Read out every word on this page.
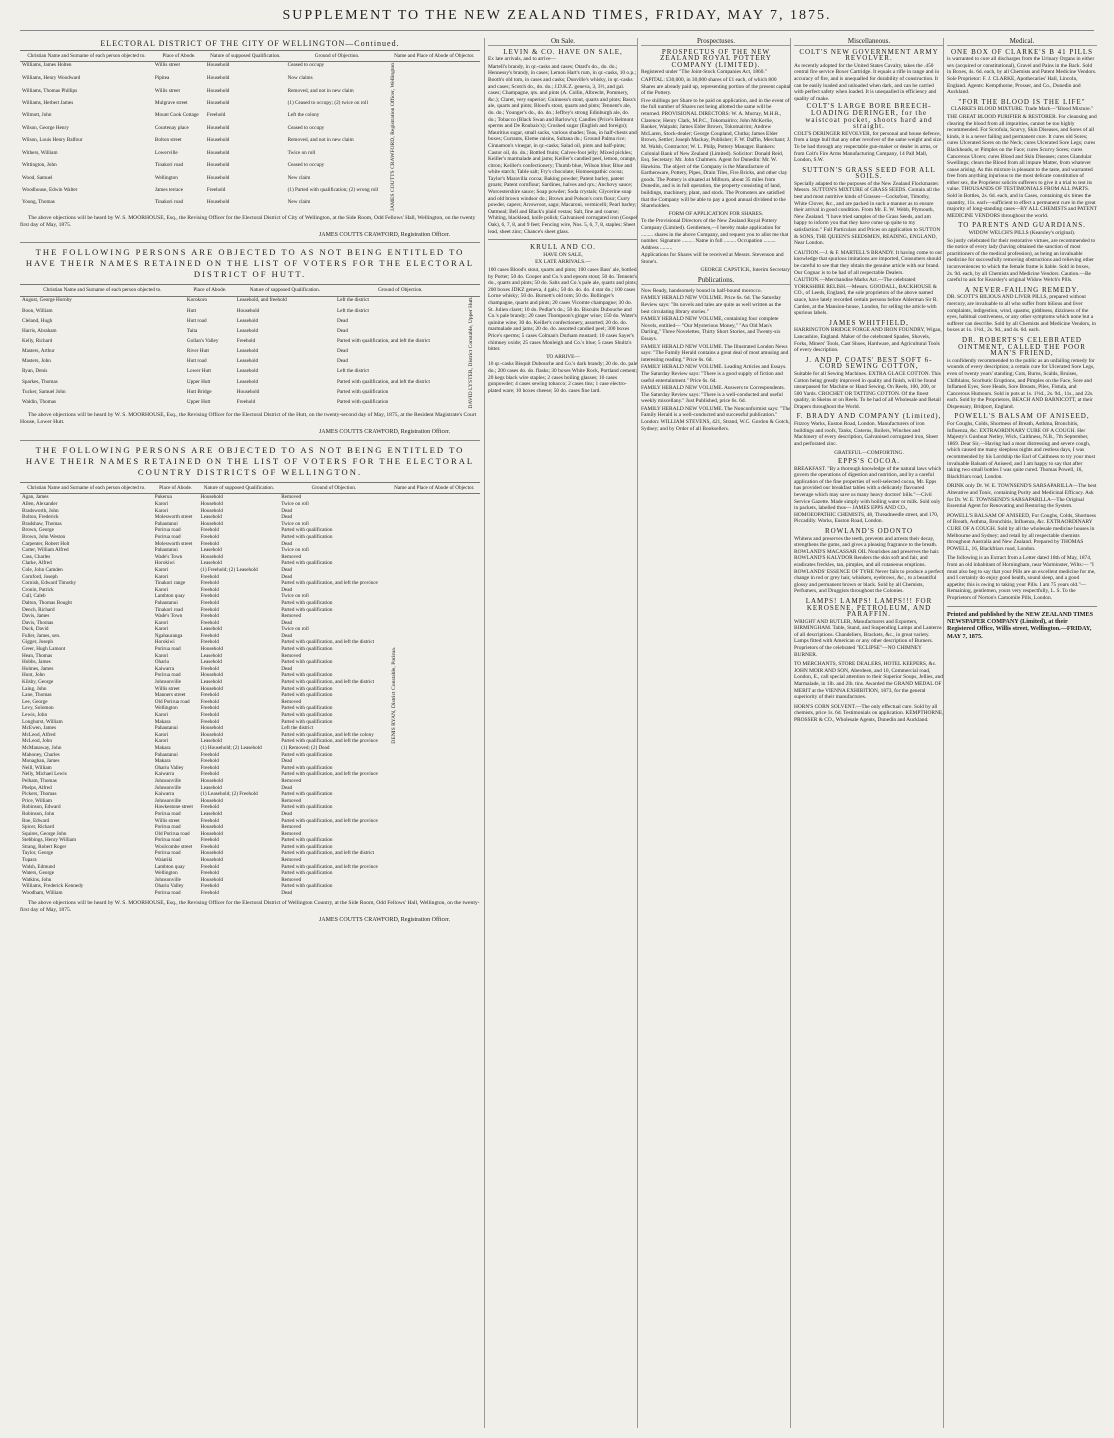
SUPPLEMENT TO THE NEW ZEALAND TIMES, FRIDAY, MAY 7, 1875.
ELECTORAL DISTRICT OF THE CITY OF WELLINGTON—Continued.
Christian Name and Surname of each person objected to.	Place of Abode.	Nature of supposed Qualification.	Ground of Objection.	Name and Place of Abode of Objector.
Williams, James Holten	Willis street	Household	Ceased to occupy	JAMES COUTTS CRAWFORD, Registration Officer, Wellington.
Williams, Henry Woodward	Pipitea	Household	Now claims	
Williams, Thomas Phillips	Willis street	Household	Removed, and not in new claim	
Williams, Herbert James	Mulgrave street	Household	(1) Ceased to occupy; (2) twice on roll	
Wilmott, John	Mount Cook Cottage	Freehold	Left the colony	
Wilson, George Henry	Courtenay place	Household	Ceased to occupy	
Wilson, Louis Henry Balfour	Bolton street	Household	Removed, and not in new claim	
Withers, William	Lowerville	Household	Twice on roll	
Wittington, John	Tinakori road	Household	Ceased to occupy	
Wood, Samuel	Wellington	Household	New claim	
Woodhouse, Edwin Walter	James terrace	Freehold	(1) Parted with qualification; (2) wrong roll	
Young, Thomas	Tinakori road	Household	New claim	
The above objections will be heard by W. S. MOORHOUSE, Esq., the Revising Officer for the Electoral District of City of Wellington, at the Side Room, Odd Fellows' Hall, Wellington, on the twenty first day of May, 1875.
JAMES COUTTS CRAWFORD, Registration Officer.
THE FOLLOWING PERSONS ARE OBJECTED TO AS NOT BEING ENTITLED TO HAVE THEIR NAMES RETAINED ON THE LIST OF VOTERS FOR THE ELECTORAL DISTRICT OF HUTT.
Christian Name and Surname of each person objected to.	Place of Abode.	Nature of supposed Qualification.	Ground of Objection.	
August, George Hornby	Korokoro	Leasehold, and freehold	Left the district	DAVID LYSTER, District Constable, Upper Hutt.
Boon, William	Hutt	Household	Left the district	
Cleland, Hugh	Hutt road	Leasehold	Dead	
Harris, Abraham	Taita	Leasehold	Dead	
Kelly, Richard	Gollan's Valley	Freehold	Parted with qualification, and left the district	
Masters, Arthur	River Hutt	Leasehold	Dead	
Masters, John	Hutt road	Leasehold	Dead	
Ryan, Denis	Lower Hutt	Leasehold	Left the district	
Sparkes, Thomas	Upper Hutt	Leasehold	Parted with qualification, and left the district	
Tucker, Samuel John	Hutt Bridge	Household	Parted with qualification	
Waldin, Thomas	Upper Hutt	Freehold	Parted with qualification	
The above objections will be heard by W. S. MOORHOUSE, Esq., the Revising Officer for the Electoral District of the Hutt, on the twenty-second day of May, 1875, at the Resident Magistrate's Court House, Lower Hutt.
JAMES COUTTS CRAWFORD, Registration Officer.
THE FOLLOWING PERSONS ARE OBJECTED TO AS NOT BEING ENTITLED TO HAVE THEIR NAMES RETAINED ON THE LIST OF VOTERS FOR THE ELECTORAL COUNTRY DISTRICTS OF WELLINGTON.
Christian Name and Surname of each person objected to.	Place of Abode.	Nature of supposed Qualification.	Ground of Objection.	Name and Place of Abode of Objector.
Agan, James	Pukerua	Household	Removed	DENIS RYAN, District Constable, Porirua.
Allen, Alexander	Karori	Household	Twice on roll	
Bradsworth, John	Karori	Household	Dead	
Bolton, Frederick	Molesworth street	Leasehold	Dead	
Bradshaw, Thomas	Pahautanui	Household	Twice on roll	
Brown, George	Porirua road	Freehold	Parted with qualification	
Brown, John Weston	Porirua road	Freehold	Parted with qualification	
Carpenter, Robert Holt	Molesworth street	Freehold	Dead	
Carter, William Alfred	Pahautanui	Leasehold	Twice on roll	
Cass, Charles	Wade's Town	Household	Removed	
Clarke, Alfred	Horokiwi	Leasehold	Parted with qualification	
Cole, John Camden	Karori	(1) Freehold; (2) Leasehold	Dead	
Cornford, Joseph	Karori	Freehold	Dead	
Cornish, Edward Timothy	Tinakori range	Freehold	Parted with qualification, and left the province	
Cronin, Patrick	Karori	Freehold	Dead	
Cull, Caleb	Lambton quay	Freehold	Twice on roll	
Dalton, Thomas Bought	Pahautanui	Freehold	Parted with qualification	
Dench, Richard	Tinakori road	Freehold	Parted with qualification	
Davis, James	Wade's Town	Freehold	Removed	
Davis, Thomas	Karori	Freehold	Dead	
Duck, David	Karori	Leasehold	Twice on roll	
Fuller, James, sen.	Ngahauranga	Freehold	Dead	
Gigger, Joseph	Horokiwi	Freehold	Parted with qualification, and left the district	
Greer, Hugh Lamont	Porirua road	Household	Parted with qualification	
Hean, Thomas	Karori	Leasehold	Removed	
Hobbs, James	Ohariu	Leasehold	Parted with qualification	
Holmes, James	Kaiwarra	Freehold	Dead	
Hunt, John	Porirua road	Household	Parted with qualification	
Kilsby, George	Johnsonville	Leasehold	Parted with qualification, and left the district	
Laing, John	Willis street	Household	Parted with qualification	
Lane, Thomas	Manners street	Freehold	Parted with qualification	
Lee, George	Old Porirua road	Freehold	Removed	
Levy, Solomon	Wellington	Freehold	Parted with qualification	
Lewis, John	Karori	Freehold	Parted with qualification	
Longhurst, William	Makara	Freehold	Parted with qualification	
McEwen, James	Pahautanui	Household	Left the district	
McLeod, Alfred	Karori	Household	Parted with qualification, and left the colony	
McLeod, John	Karori	Leasehold	Parted with qualification, and left the province	
McManaway, John	Makara	(1) Household; (2) Leasehold	(1) Removed; (2) Dead	
Mahoney, Charles	Pahautanui	Freehold	Parted with qualification	
Monaghan, James	Makara	Freehold	Dead	
Neill, William	Ohariu Valley	Freehold	Parted with qualification	
Nelly, Michael Lewis	Kaiwarra	Freehold	Parted with qualification, and left the province	
Pelham, Thomas	Johnsonville	Household	Removed	
Phelps, Alfred	Johnsonville	Leasehold	Dead	
Pickers, Thomas	Kaiwarra	(1) Leasehold; (2) Freehold	Parted with qualification	
Price, William	Johnsonville	Household	Removed	
Robinson, Edward	Hawkestone street	Freehold	Parted with qualification	
Robinson, John	Porirua road	Leasehold	Dead	
Roe, Edward	Willis street	Freehold	Parted with qualification, and left the province	
Spicer, Richard	Porirua road	Household	Removed	
Squires, George John	Old Porirua road	Household	Removed	
Stebbings, Henry William	Porirua road	Freehold	Parted with qualification	
Strang, Robert Roger	Woolcombe street	Freehold	Parted with qualification	
Taylor, George	Porirua road	Household	Parted with qualification, and left the district	
Tupara	Waiariki	Household	Removed	
Walsh, Edmund	Lambton quay	Freehold	Parted with qualification, and left the province	
Waters, George	Wellington	Freehold	Parted with qualification	
Watkins, John	Johnsonville	Household	Removed	
Williams, Frederick Kennedy	Ohariu Valley	Freehold	Parted with qualification	
Woodham, William	Porirua road	Freehold	Dead	
The above objections will be heard by W. S. MOORHOUSE, Esq., the Revising Officer for the Electoral District of Wellington Country, at the Side Room, Odd Fellows' Hall, Wellington, on the twenty-first day of May, 1875.
JAMES COUTTS CRAWFORD, Registration Officer.
On Sale.
LEVIN & CO. HAVE ON SALE,

Ex late arrivals, and to arrive—

Martell's brandy, in qr.-casks and cases; Otard's do., do. do.; Hennessy's brandy, in cases; Lemon Hart's rum, in qr.-casks, 10 o.p.; Booth's old tom, in cases and casks; Dunville's whisky, in qr.-casks and cases; Scotch do., do. do.; J.D.K.Z. geneva, 3, 3½, and gal. cases; Champagne, qts. and pints (A. Collin, Albrecht, Pommery, &c.); Claret, very superior; Guinness's stout, quarts and pints; Bass's ale, quarts and pints; Blood's stout, quarts and pints; Tennent's ale, do. do.; Younger's do., do. do.; Jeffrey's strong Edinburgh ale, do. do.; Tobacco (Black Swan and Barlow's); Candles (Price's Belmont sperms and De Roubaix's); Crushed sugar (English and foreign); Mauritius sugar, small sacks, various shades; Teas, in half-chests and boxes; Currants, Eleme raisins, Sultana do.; Ground Palma rice; Cinnamon's vinegar, in qr.-casks; Salad oil, pints and half-pints; Castor oil, do. do.; Bottled fruits; Calves-foot jelly; Mixed pickles; Keiller's marmalade and jams; Keiller's candied peel, lemon, orange, citron; Keiller's confectionery; Thumb blue, Wilson blue; Blue and white starch; Table salt; Fry's chocolate; Homoeopathic cocoa; Taylor's Maravilla cocoa; Baking powder; Patent barley, patent groats; Patent cornflour; Sardines, halves and qrs.; Anchovy sauce; Worcestershire sauce; Soap powder; Soda crystals; Glycerine soap and old brown windsor do.; Brown and Polson's corn flour; Curry powder, capers; Arrowroot, sago; Macaroni, vermicelli; Pearl barley; Oatmeal; Bell and Black's plaid vestas; Salt, fine and coarse; Whiting, blacklead, knife polish; Galvanised corrugated iron (Gospel Oak), 6, 7, 8, and 9 feet; Fencing wire, Nos. 5, 6, 7, 8, staples; Sheet lead, sheet zinc; Chance's sheet glass.

KRULL AND CO.

HAVE ON SALE,

EX LATE ARRIVALS.—

100 cases Blood's stout, quarts and pints; 100 cases Bass' ale, bottled by Porter; 50 do. Cooper and Co.'s and epsom stout; 50 do. Tennent's do., quarts and pints; 50 do. Salts and Co.'s pale ale, quarts and pints; 200 boxes JDKZ geneva, 4 gals.; 50 do. do. do. 4 star do.; 100 cases Lorne whisky; 50 do. Burnett's old tom; 50 do. Bollinger's champagne, quarts and pints; 20 cases Vicomte champagne; 30 do. St. Julien claret; 10 do. Pedlar's do.; 50 do. Biscuits Dubouche and Co.'s pale brandy; 20 cases Thompson's ginger wine; 150 do. Water's quinine wine; 30 do. Keiller's confectionery, assorted; 20 do. do. marmalade and jams; 20 do. do. assorted candied peel; 300 boxes Price's sperms; 5 cases Colman's Durham mustard; 10 cases Sayer's chimney oxide; 25 cases Monleigh and Co.'s blue; 5 cases Shultz's bitter.

TO ARRIVE—

10 qr.-casks Bisquit Dubouche and Co.'s dark brandy; 20 do. do. pale do.; 200 cases do. do. flasks; 30 boxes White Rock, Portland cement; 20 kegs black wire staples; 2 cases boiling glasses; 10 cases gunpowder; 4 cases sewing tobacco; 2 cases tins; 1 case electro-plated ware; 10 boxes cheese; 50 do. cases fine lard.

Prospectuses.
PROSPECTUS OF THE NEW ZEALAND ROYAL POTTERY COMPANY (LIMITED).

Registered under "The Joint-Stock Companies Act, 1860."

CAPITAL: £30,000, in 30,000 shares of £1 each, of which 800 Shares are already paid up, representing portion of the present capital of the Pottery.

Five shillings per Share to be paid on application, and in the event of the full number of Shares not being allotted the same will be returned. PROVISIONAL DIRECTORS: W. A. Murray, M.H.R., Clarence; Henry Clark, M.P.C., Tokomairiro; John McKerlie, Banker, Waipahi; James Elder Brown, Tokomairiro; Andrew McLaren, Stock-dealer; George Coupland, Clutha; James Elder Brown, Settler; Joseph Mackay, Publisher; F. W. Daffin, Merchant; J. M. Walsh, Contractor; W. L. Philp, Pottery Manager. Bankers: Colonial Bank of New Zealand (Limited). Solicitor: Donald Reid, Esq. Secretary: Mr. John Chalmers. Agent for Dunedin: Mr. W. Hawkins. The object of the Company is the Manufacture of Earthenware, Pottery, Pipes, Drain Tiles, Fire Bricks, and other clay goods. The Pottery is situated at Milburn, about 35 miles from Dunedin, and is in full operation, the property consisting of land, buildings, machinery, plant, and stock. The Promoters are satisfied that the Company will be able to pay a good annual dividend to the Shareholders.

FORM OF APPLICATION FOR SHARES.

To the Provisional Directors of the New Zealand Royal Pottery Company (Limited). Gentlemen,—I hereby make application for ......... shares in the above Company, and request you to allot me that number. Signature ......... Name in full ......... Occupation ......... Address .........

Applications for Shares will be received at Messrs. Stevenson and Stone's.

GEORGE CAPSTICK, Interim Secretary.

Publications.

Now Ready, handsomely bound in half-bound morocco.

FAMILY HERALD NEW VOLUME. Price 6s. 6d. The Saturday Review says: "Its novels and tales are quite as well written as the best circulating library stories."

FAMILY HERALD NEW VOLUME, containing four complete Novels, entitled— "Our Mysterious Money," "An Old Man's Darling," Three Novelettes, Thirty Short Stories, and Twenty-six Essays.

FAMILY HERALD NEW VOLUME. The Illustrated London News says: "The Family Herald contains a great deal of most amusing and interesting reading." Price 6s. 6d.

FAMILY HERALD NEW VOLUME. Leading Articles and Essays. The Saturday Review says: "There is a good supply of fiction and useful entertainment." Price 6s. 6d.

FAMILY HERALD NEW VOLUME. Answers to Correspondents. The Saturday Review says: "There is a well-conducted and useful weekly miscellany." Just Published, price 6s. 6d.

FAMILY HERALD NEW VOLUME. The Nonconformist says: "The Family Herald is a well-conducted and successful publication." London: WILLIAM STEVENS, 421, Strand, W.C. Gordon & Gotch, Sydney; and by Order of all Booksellers.

Miscellaneous.
COLT'S NEW GOVERNMENT ARMY REVOLVER.

As recently adopted for the United States Cavalry, takes the .450 central fire service Boxer Cartridge. It equals a rifle in range and in accuracy of fire, and is unequalled for durability of construction. It can be easily loaded and unloaded when dark, and can be carried with perfect safety when loaded. It is unequalled in efficiency and quality of make.

COLT'S LARGE BORE BREECH-LOADING DERINGER, for the waistcoat pocket, shoots hard and straight.

COLT'S DERINGER REVOLVER, for personal and house defence, from a large bull that any other revolver of the same weight and size. To be had through any respectable gun-maker or dealer in arms, or from Colt's Fire Arms Manufacturing Company, 14 Pall Mall, London, S.W.

SUTTON'S GRASS SEED FOR ALL SOILS.

Specially adapted to the purposes of the New Zealand Flockmaster. Messrs. SUTTON'S MIXTURE of GRASS SEEDS. Contain all the best and most nutritive kinds of Grasses—Cocksfoot, Timothy, White Clover, &c., and are packed in such a manner as to ensure their arrival in good condition. From Mr. E. W. Webb, Plymouth, New Zealand. "I have tried samples of the Grass Seeds, and am happy to inform you that they have come up quite to my satisfaction." Full Particulars and Prices on application to SUTTON & SONS, THE QUEEN'S SEEDSMEN, READING, ENGLAND, Near London.

CAUTION.—J. & F. MARTELL'S BRANDY. It having come to our knowledge that spurious imitations are imported, Consumers should be careful to see that they obtain the genuine article with our brand. Our Cognac is to be had of all respectable Dealers.

CAUTION.—Merchandise Marks Act.—The celebrated YORKSHIRE RELISH.—Messrs. GOODALL, BACKHOUSE & CO., of Leeds, England, the sole proprietors of the above named sauce, have lately recorded certain persons before Alderman Sir R. Carden, at the Mansion-house, London, for selling the article with spurious labels.

JAMES WHITFIELD,

HARRINGTON BRIDGE FORGE AND IRON FOUNDRY, Wigan, Lancashire, England. Maker of the celebrated Spades, Shovels, Forks, Miners' Tools, Cast Shoes, Hardware, and Agricultural Tools of every description.

J. AND P. COATS' BEST SOFT 6-CORD SEWING COTTON,

Suitable for all Sewing Machines. EXTRA GLACE COTTON. This Cotton being greatly improved in quality and finish, will be found unsurpassed for Machine or Hand Sewing. On Reels, 100, 200, or 500 Yards. CROCHET OR TATTING COTTON. Of the finest quality, in Skeins or on Reels. To be had of all Wholesale and Retail Drapers throughout the World.

F. BRADY AND COMPANY (Limited),

Fitzroy Works, Euston Road, London. Manufacturers of iron buildings and roofs, Tanks, Cisterns, Boilers, Winches and Machinery of every description, Galvanised corrugated iron, Sheet and perforated zinc.

GRATEFUL—COMFORTING.

EPPS'S COCOA.

BREAKFAST. "By a thorough knowledge of the natural laws which govern the operations of digestion and nutrition, and by a careful application of the fine properties of well-selected cocoa, Mr. Epps has provided our breakfast tables with a delicately flavoured beverage which may save us many heavy doctors' bills."—Civil Service Gazette. Made simply with boiling water or milk. Sold only in packets, labelled thus— JAMES EPPS AND CO., HOMOEOPATHIC CHEMISTS, 48, Threadneedle street, and 170, Piccadilly. Works, Euston Road, London.

ROWLAND'S ODONTO

Whitens and preserves the teeth, prevents and arrests their decay, strengthens the gums, and gives a pleasing fragrance to the breath. ROWLAND'S MACASSAR OIL Nourishes and preserves the hair. ROWLAND'S KALYDOR Renders the skin soft and fair, and eradicates freckles, tan, pimples, and all cutaneous eruptions. ROWLANDS' ESSENCE OF TYRE Never fails to produce a perfect change in red or grey hair, whiskers, eyebrows, &c., to a beautiful glossy and permanent brown or black. Sold by all Chemists, Perfumers, and Druggists throughout the Colonies.

LAMPS! LAMPS! LAMPS!!! FOR KEROSENE, PETROLEUM, AND PARAFFIN.

WRIGHT AND BUTLER, Manufacturers and Exporters, BIRMINGHAM. Table, Stand, and Suspending Lamps and Lanterns of all descriptions. Chandeliers, Brackets, &c., in great variety. Lamps fitted with American or any other description of Burners. Proprietors of the celebrated "ECLIPSE"—NO CHIMNEY BURNER.

TO MERCHANTS, STORE DEALERS, HOTEL KEEPERS, &c. JOHN MOIR AND SON, Aberdeen, and 10, Commercial road, London, E., call special attention to their Superior Soups, Jellies, and Marmalade, in 1lb. and 2lb. tins. Awarded the GRAND MEDAL OF MERIT at the VIENNA EXHIBITION, 1873, for the general superiority of their manufactures.

HORN'S CORN SOLVENT.—The only effectual cure. Sold by all chemists, price 1s. 6d. Testimonials on application. KEMPTHORNE, PROSSER & CO., Wholesale Agents, Dunedin and Auckland.

Medical.
ONE BOX OF CLARKE'S B 41 PILLS

is warranted to cure all discharges from the Urinary Organs in either sex (acquired or constitutional), Gravel and Pains in the Back. Sold in Boxes, 4s. 6d. each, by all Chemists and Patent Medicine Vendors. Sole Proprietor: F. J. CLARKE, Apothecaries' Hall, Lincoln, England. Agents: Kempthorne, Prosser, and Co., Dunedin and Auckland.

"FOR THE BLOOD IS THE LIFE"

CLARKE'S BLOOD MIXTURE. Trade Mark—"Blood Mixture."

THE GREAT BLOOD PURIFIER & RESTORER. For cleansing and clearing the blood from all impurities, cannot be too highly recommended. For Scrofula, Scurvy, Skin Diseases, and Sores of all kinds, it is a never failing and permanent cure. It cures old Sores; cures Ulcerated Sores on the Neck; cures Ulcerated Sore Legs; cures Blackheads, or Pimples on the Face; cures Scurvy Sores; cures Cancerous Ulcers; cures Blood and Skin Diseases; cures Glandular Swellings; clears the Blood from all impure Matter, from whatever cause arising. As this mixture is pleasant to the taste, and warranted free from anything injurious to the most delicate constitution of either sex, the Proprietor solicits sufferers to give it a trial to test its value. THOUSANDS OF TESTIMONIALS FROM ALL PARTS. Sold in Bottles, 2s. 6d. each, and in Cases, containing six times the quantity, 11s. each—sufficient to effect a permanent cure in the great majority of long-standing cases—BY ALL CHEMISTS and PATENT MEDICINE VENDORS throughout the world.

TO PARENTS AND GUARDIANS.

WIDOW WELCH'S PILLS (Kearsley's original).

So justly celebrated for their restorative virtues, are recommended to the notice of every lady (having obtained the sanction of most practitioners of the medical profession), as being an invaluable medicine for successfully removing obstructions and relieving other inconveniences to which the female frame is liable. Sold in boxes, 2s. 9d. each, by all Chemists and Medicine Vendors. Caution.—Be careful to ask for Kearsley's original Widow Welch's Pills.

A NEVER-FAILING REMEDY.

DR. SCOTT'S BILIOUS AND LIVER PILLS, prepared without mercury, are invaluable to all who suffer from bilious and liver complaints, indigestion, wind, spasms, giddiness, dizziness of the eyes, habitual costiveness, or any other symptoms which none but a sufferer can describe. Sold by all Chemists and Medicine Vendors, in boxes at 1s. 1½d., 2s. 9d., and 4s. 6d. each.

DR. ROBERTS'S CELEBRATED OINTMENT, CALLED THE POOR MAN'S FRIEND,

is confidently recommended to the public as an unfailing remedy for wounds of every description; a certain cure for Ulcerated Sore Legs, even of twenty years' standing; Cuts, Burns, Scalds, Bruises, Chilblains, Scorbutic Eruptions, and Pimples on the Face, Sore and Inflamed Eyes, Sore Heads, Sore Breasts, Piles, Fistula, and Cancerous Humours. Sold in pots at 1s. 1½d., 2s. 9d., 11s., and 22s. each. Sold by the Proprietors, BEACH AND BARNICOTT, at their Dispensary, Bridport, England.

POWELL'S BALSAM OF ANISEED,

For Coughs, Colds, Shortness of Breath, Asthma, Bronchitis, Influenza, &c. EXTRAORDINARY CURE OF A COUGH. Her Majesty's Gunboat Netley, Wick, Caithness, N.B., 7th September, 1869. Dear Sir,—Having had a most distressing and severe cough, which caused me many sleepless nights and restless days, I was recommended by his Lordship the Earl of Caithness to try your most invaluable Balsam of Aniseed, and I am happy to say that after taking two small bottles I was quite cured. Thomas Powell, 16, Blackfriars road, London.

DRINK only Dr. W. E. TOWNSEND'S SARSAPARILLA—The best Alterative and Tonic, containing Purity and Medicinal Efficacy. Ask for Dr. W. E. TOWNSEND'S SARSAPARILLA—The Original Essential Agent for Renovating and Restoring the System.

POWELL'S BALSAM OF ANISEED, For Coughs, Colds, Shortness of Breath, Asthma, Bronchitis, Influenza, &c. EXTRAORDINARY CURE OF A COUGH. Sold by all the wholesale medicine houses in Melbourne and Sydney; and retail by all respectable chemists throughout Australia and New Zealand. Prepared by THOMAS POWELL, 16, Blackfriars road, London.

The following is an Extract from a Letter dated 18th of May, 1874, from an old inhabitant of Horningham, near Warminster, Wilts:— "I must also beg to say that your Pills are an excellent medicine for me, and I certainly do enjoy good health, sound sleep, and a good appetite; this is owing to taking your Pills. I am 75 years old."—Remaining, gentlemen, yours very respectfully, L. S. To the Proprietors of Norton's Camomile Pills, London.

Printed and published by the NEW ZEALAND TIMES NEWSPAPER COMPANY (Limited), at their Registered Office, Willis street, Wellington.—FRIDAY, MAY 7, 1875.
